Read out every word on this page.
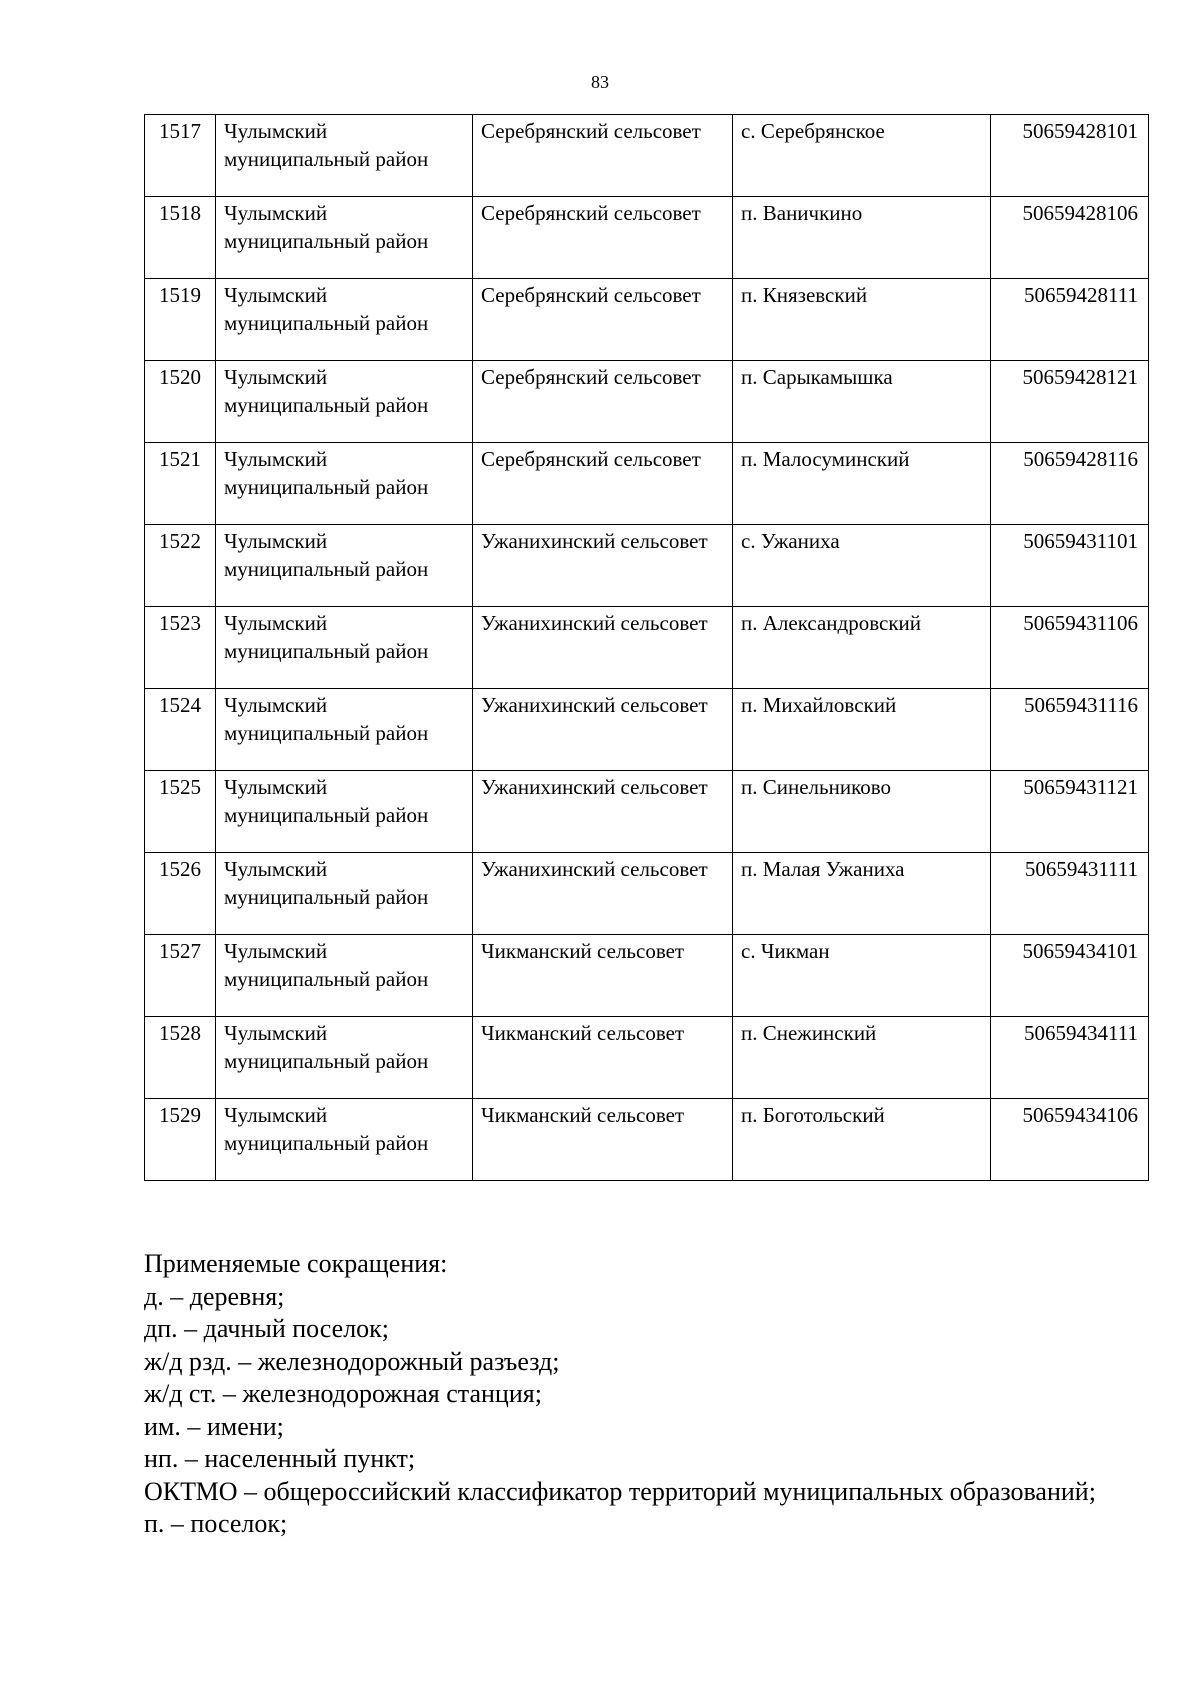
83
1517	Чулымский муниципальный район	Серебрянский сельсовет	с. Серебрянское	50659428101
1518	Чулымский муниципальный район	Серебрянский сельсовет	п. Ваничкино	50659428106
1519	Чулымский муниципальный район	Серебрянский сельсовет	п. Князевский	50659428111
1520	Чулымский муниципальный район	Серебрянский сельсовет	п. Сарыкамышка	50659428121
1521	Чулымский муниципальный район	Серебрянский сельсовет	п. Малосуминский	50659428116
1522	Чулымский муниципальный район	Ужанихинский сельсовет	с. Ужаниха	50659431101
1523	Чулымский муниципальный район	Ужанихинский сельсовет	п. Александровский	50659431106
1524	Чулымский муниципальный район	Ужанихинский сельсовет	п. Михайловский	50659431116
1525	Чулымский муниципальный район	Ужанихинский сельсовет	п. Синельниково	50659431121
1526	Чулымский муниципальный район	Ужанихинский сельсовет	п. Малая Ужаниха	50659431111
1527	Чулымский муниципальный район	Чикманский сельсовет	с. Чикман	50659434101
1528	Чулымский муниципальный район	Чикманский сельсовет	п. Снежинский	50659434111
1529	Чулымский муниципальный район	Чикманский сельсовет	п. Боготольский	50659434106

Применяемые сокращения:

д. – деревня;

дп. – дачный поселок;

ж/д рзд. – железнодорожный разъезд;

ж/д ст. – железнодорожная станция;

им. – имени;

нп. – населенный пункт;

ОКТМО – общероссийский классификатор территорий муниципальных образований;

п. – поселок;
